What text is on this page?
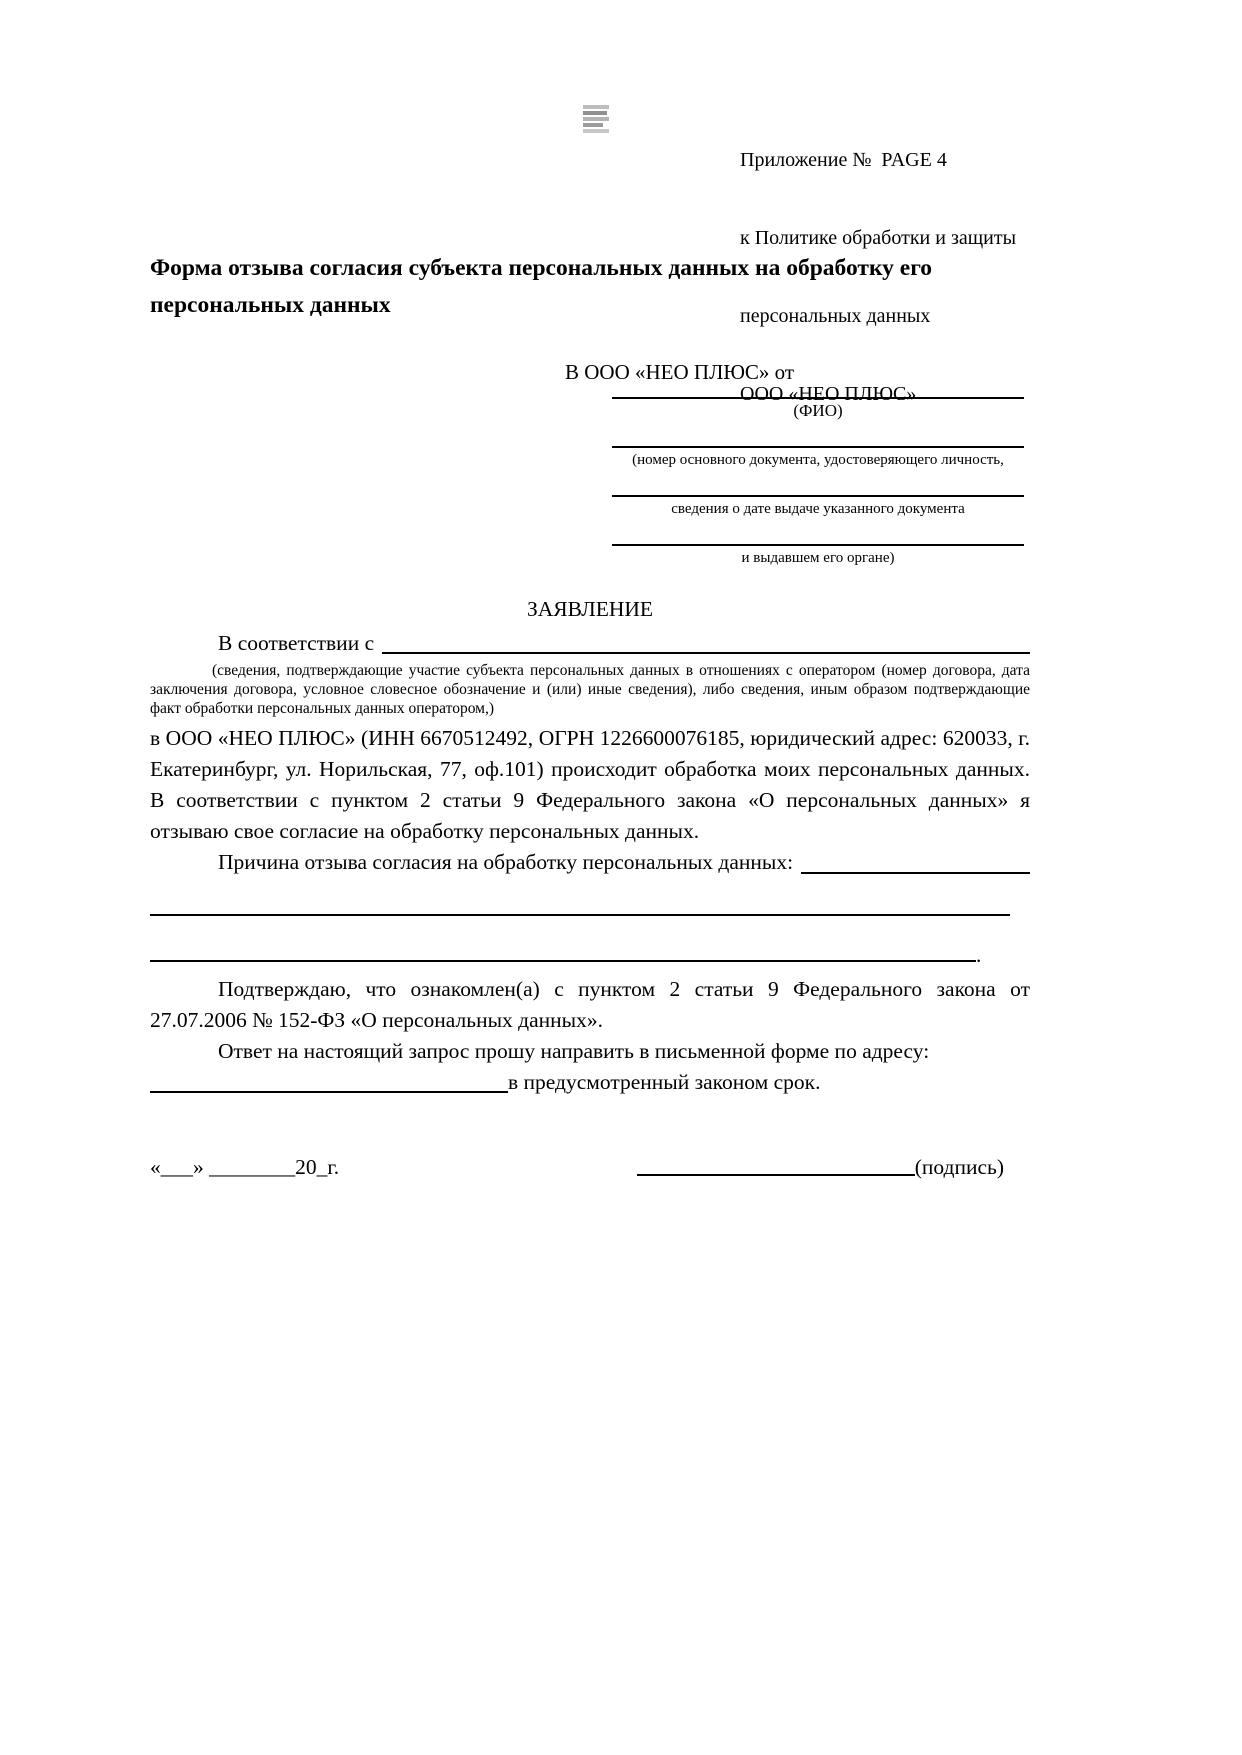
Приложение №  PAGE 4

к Политике обработки и защиты

персональных данных

ООО «НЕО ПЛЮС»

Форма отзыва согласия субъекта персональных данных на обработку его персональных данных
В ООО «НЕО ПЛЮС» от
(ФИО)
(номер основного документа, удостоверяющего личность,
сведения о дате выдаче указанного документа
и выдавшем его органе)
ЗАЯВЛЕНИЕ
В соответствии с
(сведения, подтверждающие участие субъекта персональных данных в отношениях с оператором (номер договора, дата заключения договора, условное словесное обозначение и (или) иные сведения), либо сведения, иным образом подтверждающие факт обработки персональных данных оператором,)
в ООО «НЕО ПЛЮС» (ИНН 6670512492, ОГРН 1226600076185, юридический адрес: 620033, г. Екатеринбург, ул. Норильская, 77, оф.101) происходит обработка моих персональных данных. В соответствии с пунктом 2 статьи 9 Федерального закона «О персональных данных» я отзываю свое согласие на обработку персональных данных.
Причина отзыва согласия на обработку персональных данных:
.
Подтверждаю, что ознакомлен(а) с пунктом 2 статьи 9 Федерального закона от 27.07.2006 № 152-ФЗ «О персональных данных».
Ответ на настоящий запрос прошу направить в письменной форме по адресу:
в предусмотренный законом срок.
«___» ________20_г.	(подпись)
